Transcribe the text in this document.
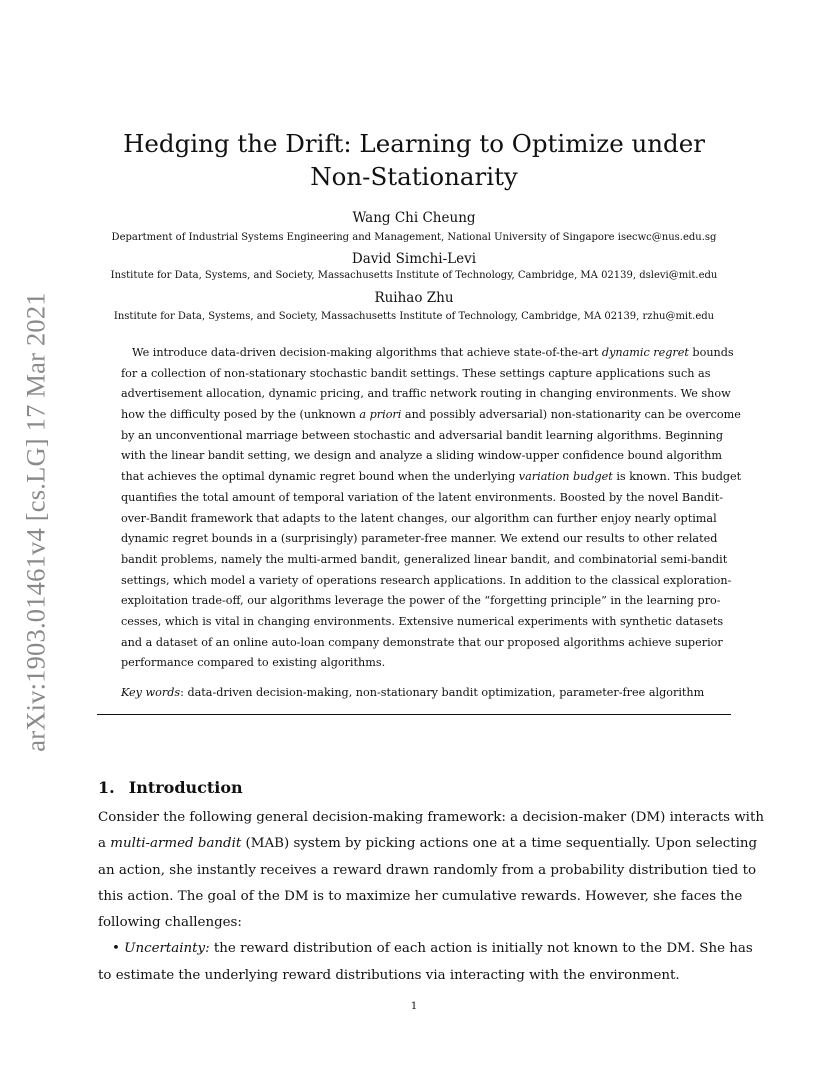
arXiv:1903.01461v4 [cs.LG] 17 Mar 2021
Hedging the Drift: Learning to Optimize under
Non-Stationarity
Wang Chi Cheung
Department of Industrial Systems Engineering and Management, National University of Singapore isecwc@nus.edu.sg
David Simchi-Levi
Institute for Data, Systems, and Society, Massachusetts Institute of Technology, Cambridge, MA 02139, dslevi@mit.edu
Ruihao Zhu
Institute for Data, Systems, and Society, Massachusetts Institute of Technology, Cambridge, MA 02139, rzhu@mit.edu
We introduce data-driven decision-making algorithms that achieve state-of-the-art dynamic regret bounds
for a collection of non-stationary stochastic bandit settings. These settings capture applications such as
advertisement allocation, dynamic pricing, and traffic network routing in changing environments. We show
how the difficulty posed by the (unknown a priori and possibly adversarial) non-stationarity can be overcome
by an unconventional marriage between stochastic and adversarial bandit learning algorithms. Beginning
with the linear bandit setting, we design and analyze a sliding window-upper confidence bound algorithm
that achieves the optimal dynamic regret bound when the underlying variation budget is known. This budget
quantifies the total amount of temporal variation of the latent environments. Boosted by the novel Bandit-
over-Bandit framework that adapts to the latent changes, our algorithm can further enjoy nearly optimal
dynamic regret bounds in a (surprisingly) parameter-free manner. We extend our results to other related
bandit problems, namely the multi-armed bandit, generalized linear bandit, and combinatorial semi-bandit
settings, which model a variety of operations research applications. In addition to the classical exploration-
exploitation trade-off, our algorithms leverage the power of the “forgetting principle” in the learning pro-
cesses, which is vital in changing environments. Extensive numerical experiments with synthetic datasets
and a dataset of an online auto-loan company demonstrate that our proposed algorithms achieve superior
performance compared to existing algorithms.
Key words: data-driven decision-making, non-stationary bandit optimization, parameter-free algorithm
1. Introduction
Consider the following general decision-making framework: a decision-maker (DM) interacts with
a multi-armed bandit (MAB) system by picking actions one at a time sequentially. Upon selecting
an action, she instantly receives a reward drawn randomly from a probability distribution tied to
this action. The goal of the DM is to maximize her cumulative rewards. However, she faces the
following challenges:
• Uncertainty: the reward distribution of each action is initially not known to the DM. She has
to estimate the underlying reward distributions via interacting with the environment.
1
